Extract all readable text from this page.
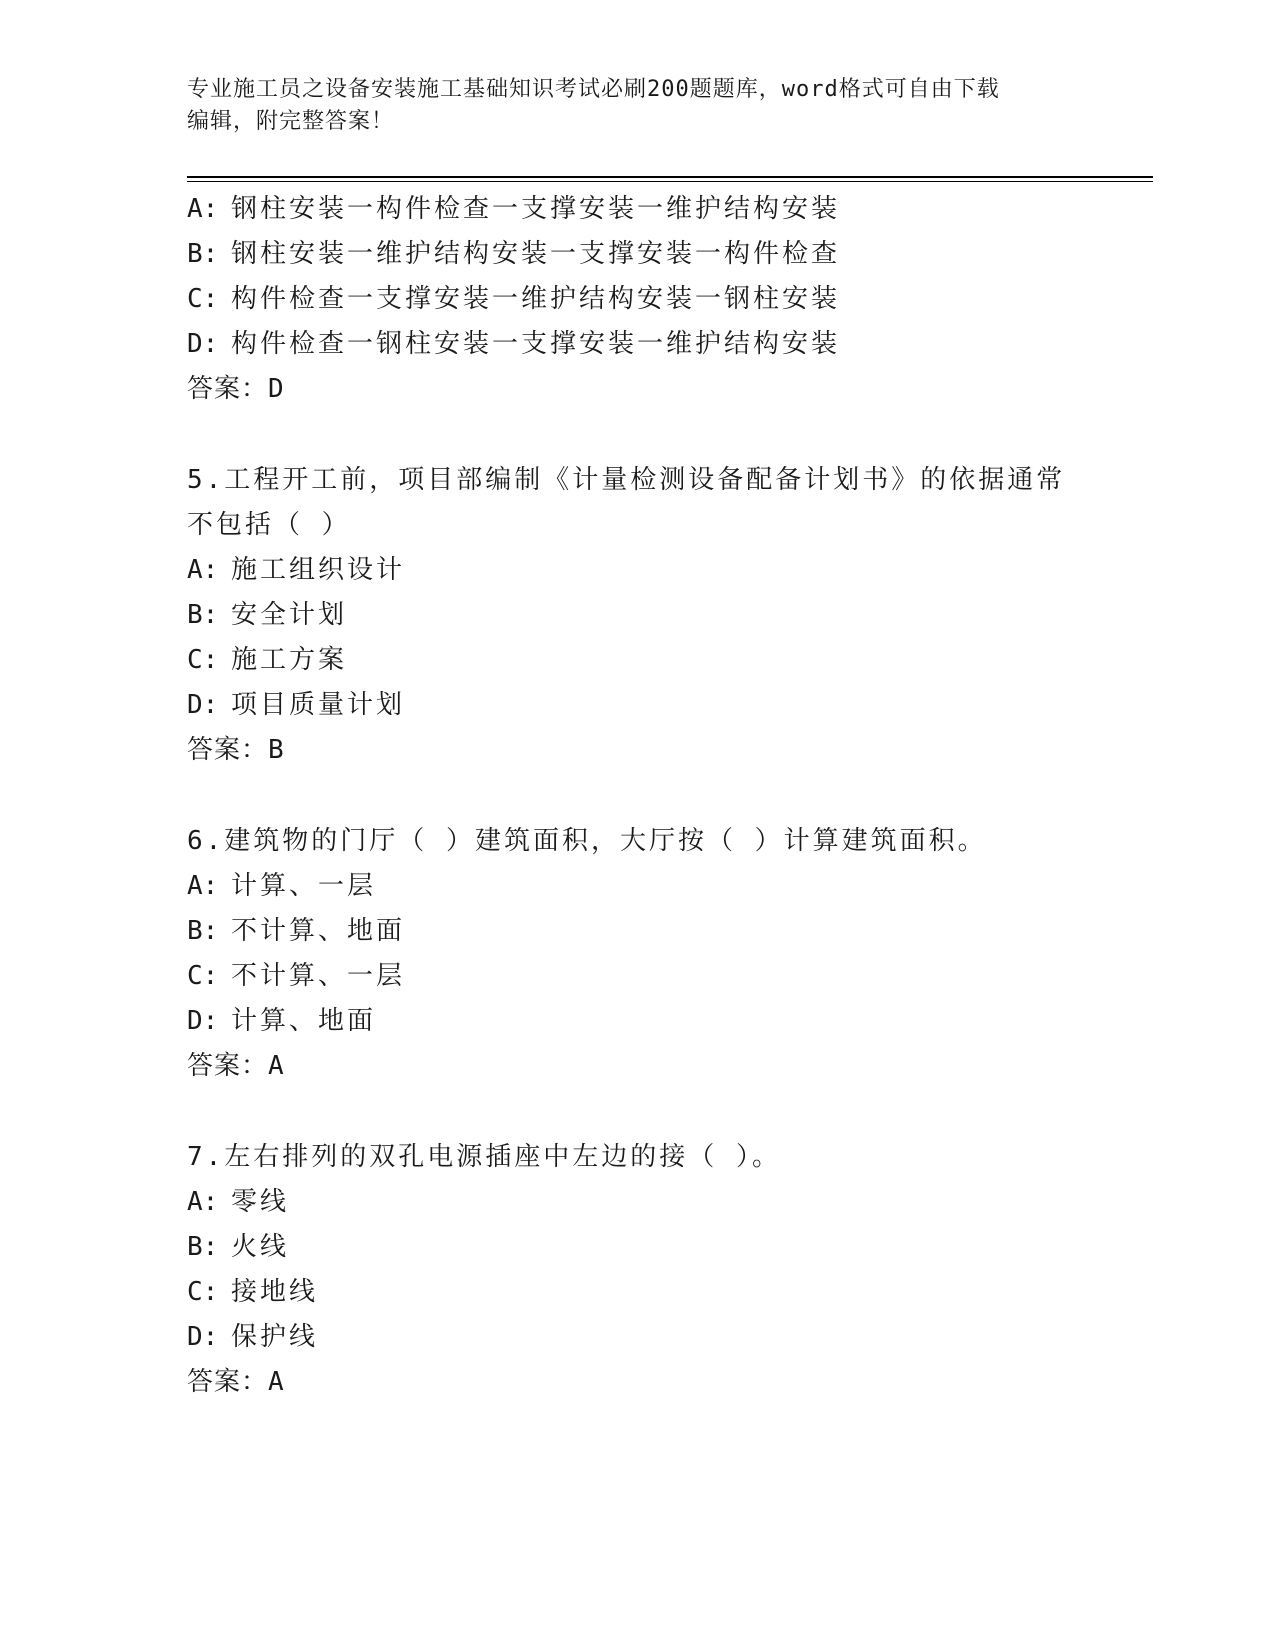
专业施工员之设备安装施工基础知识考试必刷200题题库，word格式可自由下载
编辑，附完整答案！
A: 钢柱安装一构件检查一支撑安装一维护结构安装
B: 钢柱安装一维护结构安装一支撑安装一构件检查
C: 构件检查一支撑安装一维护结构安装一钢柱安装
D: 构件检查一钢柱安装一支撑安装一维护结构安装
答案：D
5.工程开工前，项目部编制《计量检测设备配备计划书》的依据通常
不包括（ ）
A: 施工组织设计
B: 安全计划
C: 施工方案
D: 项目质量计划
答案：B
6.建筑物的门厅（ ）建筑面积，大厅按（ ）计算建筑面积。
A: 计算、一层
B: 不计算、地面
C: 不计算、一层
D: 计算、地面
答案：A
7.左右排列的双孔电源插座中左边的接（ ）。
A: 零线
B: 火线
C: 接地线
D: 保护线
答案：A
